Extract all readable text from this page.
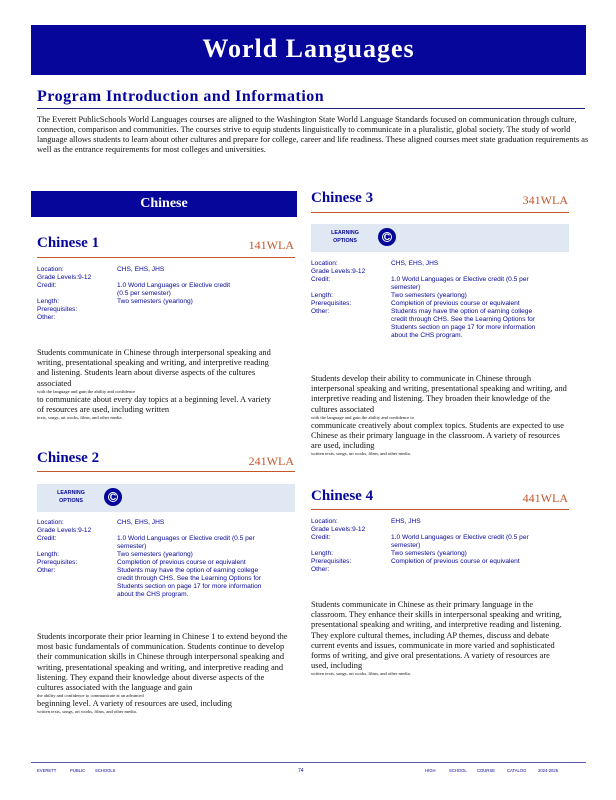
World Languages
Program Introduction and Information
The Everett PublicSchools World Languages courses are aligned to the Washington State World Language Standards focused on communication through culture, connection, comparison and communities. The courses strive to equip students linguistically to communicate in a pluralistic, global society. The study of world language allows students to learn about other cultures and prepare for college, career and life readiness. These aligned courses meet state graduation requirements as well as the entrance requirements for most colleges and universities.
Chinese
Chinese 1	141WLA
Location:	CHS, EHS, JHS
Grade Levels: 9-12
Credit:	1.0 World Languages or Elective credit (0.5 per semester)
Length:	Two semesters (yearlong)
Prerequisites:
Other:
Students communicate in Chinese through interpersonal speaking and writing, presentational speaking and writing, and interpretive reading and listening. Students learn about diverse aspects of the cultures associated
with the language and gain the ability and confidence
to communicate about every day topics at a beginning level. A variety of resources are used, including written
texts, songs, art works, films, and other media.
Chinese 2	241WLA
LEARNING OPTIONS
C
Location:	CHS, EHS, JHS
Grade Levels: 9-12
Credit:	1.0 World Languages or Elective credit (0.5 per semester)
Length:	Two semesters (yearlong)
Prerequisites:	Completion of previous course or equivalent
Other:	Students may have the option of earning college credit through CHS. See the Learning Options for Students section on page 17 for more information about the CHS program.
Students incorporate their prior learning in Chinese 1 to extend beyond the most basic fundamentals of communication. Students continue to develop their communication skills in Chinese through interpersonal speaking and writing, presentational speaking and writing, and interpretive reading and listening. They expand their knowledge about diverse aspects of the cultures associated with the language and gain
the ability and confidence to communicate at an advanced
beginning level. A variety of resources are used, including
written texts, songs, art works, films, and other media.
Chinese 3	341WLA
LEARNING OPTIONS
C
Location:	CHS, EHS, JHS
Grade Levels: 9-12
Credit:	1.0 World Languages or Elective credit (0.5 per semester)
Length:	Two semesters (yearlong)
Prerequisites:	Completion of previous course or equivalent
Other:	Students may have the option of earning college credit through CHS. See the Learning Options for Students section on page 17 for more information about the CHS program.
Students develop their ability to communicate in Chinese through interpersonal speaking and writing, presentational speaking and writing, and interpretive reading and listening. They broaden their knowledge of the cultures associated
with the language and gain the ability and confidence to
communicate creatively about complex topics. Students are expected to use Chinese as their primary language in the classroom. A variety of resources are used, including
written texts, songs, art works, films, and other media.
Chinese 4	441WLA
Location:	EHS, JHS
Grade Levels: 9-12
Credit:	1.0 World Languages or Elective credit (0.5 per semester)
Length:	Two semesters (yearlong)
Prerequisites:	Completion of previous course or equivalent
Other:
Students communicate in Chinese as their primary language in the classroom. They enhance their skills in interpersonal speaking and writing, presentational speaking and writing, and interpretive reading and listening. They explore cultural themes, including AP themes, discuss and debate current events and issues, communicate in more varied and sophisticated forms of writing, and give oral presentations. A variety of resources are used, including
written texts, songs, art works, films, and other media.
EVERETT	PUBLIC SCHOOLS	74	HIGH	SCHOOL COURSE	CATALOG	2024-2025
